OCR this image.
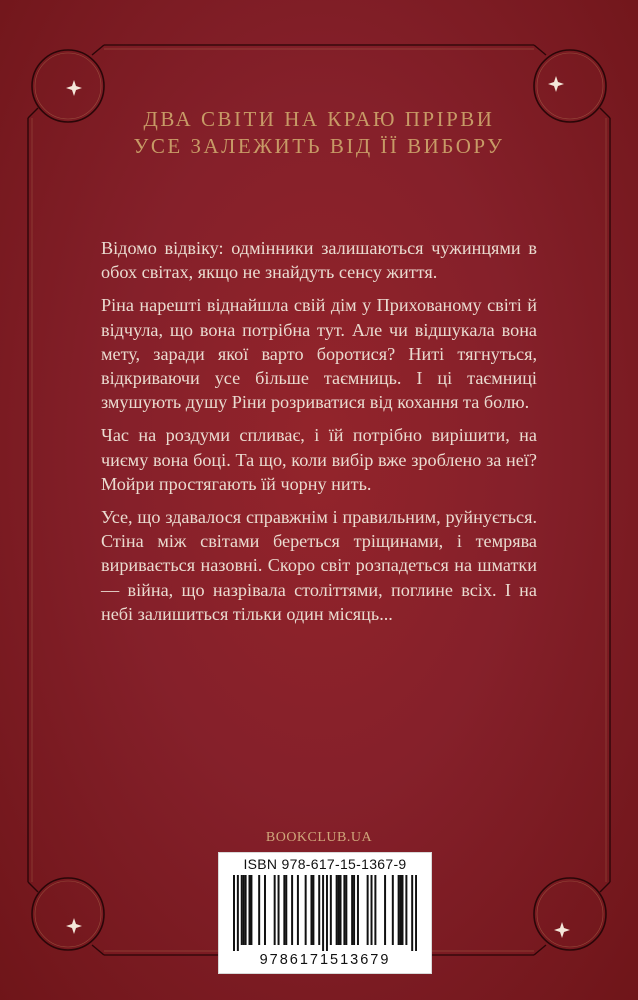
ДВА СВІТИ НА КРАЮ ПРІРВИ
УСЕ ЗАЛЕЖИТЬ ВІД ЇЇ ВИБОРУ

Відомо відвіку: одмінники залишаються чужинцями в обох світах, якщо не знайдуть сенсу життя.

Ріна нарешті віднайшла свій дім у Прихованому світі й відчула, що вона потрібна тут. Але чи відшукала вона мету, заради якої варто боротися? Ниті тягнуться, відкриваючи усе більше таємниць. І ці таємниці змушують душу Ріни розриватися від кохання та болю.

Час на роздуми спливає, і їй потрібно вирішити, на чиєму вона боці. Та що, коли вибір вже зроблено за неї? Мойри простягають їй чорну нить.

Усе, що здавалося справжнім і правильним, руйнується. Стіна між світами береться тріщинами, і темрява виривається назовні. Скоро світ розпадеться на шматки — війна, що назрівала століттями, поглине всіх. І на небі залишиться тільки один місяць...

BOOKCLUB.UA
ISBN 978-617-15-1367-9
9786171513679
